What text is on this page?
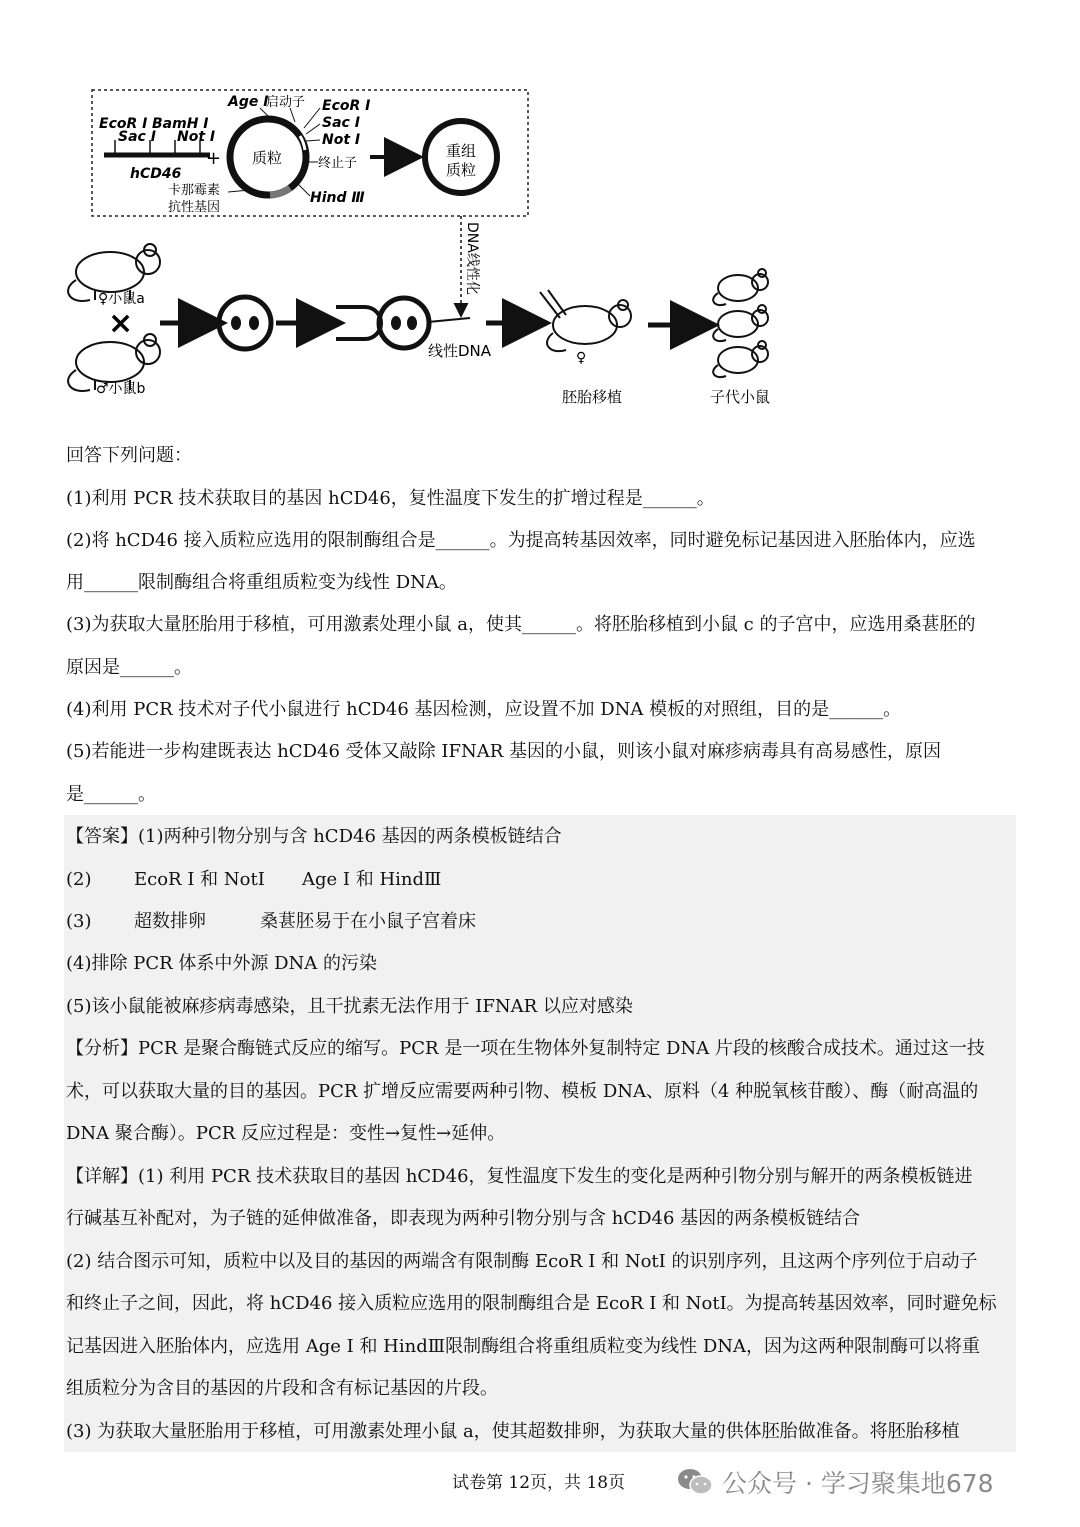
EcoR Ⅰ BamH Ⅰ
Sac Ⅰ Not Ⅰ
hCD46
+ 质粒
Age Ⅰ
启动子 EcoR Ⅰ
Sac Ⅰ
Not Ⅰ
终止子
Hind Ⅲ
卡那霉素
抗性基因
重组
质粒
DNA线性化
♀小鼠a
×
♂小鼠b
线性DNA	♀
胚胎移植	子代小鼠
回答下列问题：
(1)利用 PCR 技术获取目的基因 hCD46，复性温度下发生的扩增过程是______。
(2)将 hCD46 接入质粒应选用的限制酶组合是______。为提高转基因效率，同时避免标记基因进入胚胎体内，应选
用______限制酶组合将重组质粒变为线性 DNA。
(3)为获取大量胚胎用于移植，可用激素处理小鼠 a，使其______。将胚胎移植到小鼠 c 的子宫中，应选用桑葚胚的
原因是______。
(4)利用 PCR 技术对子代小鼠进行 hCD46 基因检测，应设置不加 DNA 模板的对照组，目的是______。
(5)若能进一步构建既表达 hCD46 受体又敲除 IFNAR 基因的小鼠，则该小鼠对麻疹病毒具有高易感性，原因
是______。
【答案】(1)两种引物分别与含 hCD46 基因的两条模板链结合
(2) EcoR Ⅰ 和 NotI Age Ⅰ 和 HindⅢ
(3) 超数排卵	桑葚胚易于在小鼠子宫着床
(4)排除 PCR 体系中外源 DNA 的污染
(5)该小鼠能被麻疹病毒感染，且干扰素无法作用于 IFNAR 以应对感染
【分析】PCR 是聚合酶链式反应的缩写。PCR 是一项在生物体外复制特定 DNA 片段的核酸合成技术。通过这一技
术，可以获取大量的目的基因。PCR 扩增反应需要两种引物、模板 DNA、原料（4 种脱氧核苷酸）、酶（耐高温的
DNA 聚合酶）。PCR 反应过程是：变性→复性→延伸。
【详解】(1) 利用 PCR 技术获取目的基因 hCD46，复性温度下发生的变化是两种引物分别与解开的两条模板链进
行碱基互补配对，为子链的延伸做准备，即表现为两种引物分别与含 hCD46 基因的两条模板链结合
(2) 结合图示可知，质粒中以及目的基因的两端含有限制酶 EcoR Ⅰ 和 NotI 的识别序列，且这两个序列位于启动子
和终止子之间，因此，将 hCD46 接入质粒应选用的限制酶组合是 EcoR Ⅰ 和 NotI。为提高转基因效率，同时避免标
记基因进入胚胎体内，应选用 Age Ⅰ 和 HindⅢ限制酶组合将重组质粒变为线性 DNA，因为这两种限制酶可以将重
组质粒分为含目的基因的片段和含有标记基因的片段。
(3) 为获取大量胚胎用于移植，可用激素处理小鼠 a，使其超数排卵，为获取大量的供体胚胎做准备。将胚胎移植
试卷第 12页，共 18页	公众号 · 学习聚集地678
